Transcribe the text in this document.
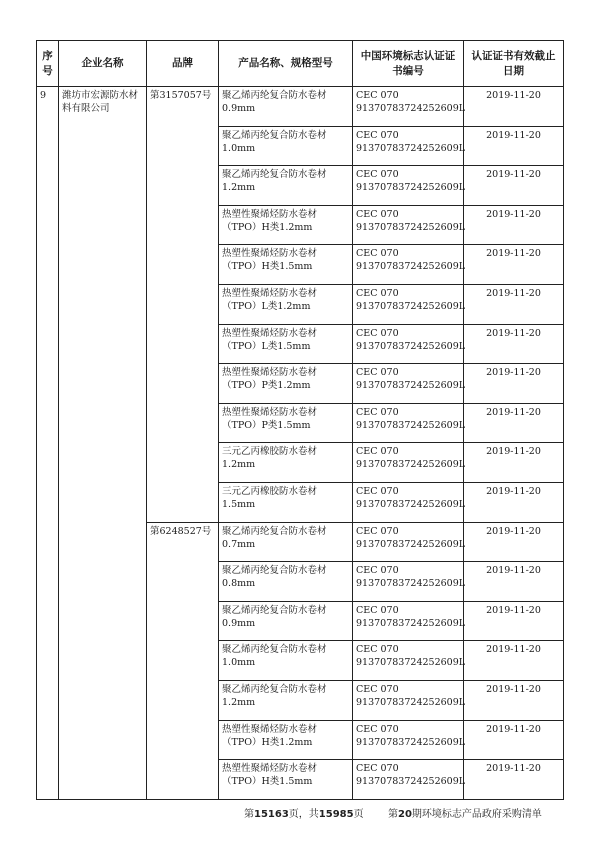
序号	企业名称	品牌	产品名称、规格型号	中国环境标志认证证书编号	认证证书有效截止日期
9	潍坊市宏源防水材料有限公司	第3157057号	聚乙烯丙纶复合防水卷材0.9mm	CEC 070 91370783724252609L	2019-11-20
			聚乙烯丙纶复合防水卷材1.0mm	CEC 070 91370783724252609L	2019-11-20
			聚乙烯丙纶复合防水卷材1.2mm	CEC 070 91370783724252609L	2019-11-20
			热塑性聚烯烃防水卷材（TPO）H类1.2mm	CEC 070 91370783724252609L	2019-11-20
			热塑性聚烯烃防水卷材（TPO）H类1.5mm	CEC 070 91370783724252609L	2019-11-20
			热塑性聚烯烃防水卷材（TPO）L类1.2mm	CEC 070 91370783724252609L	2019-11-20
			热塑性聚烯烃防水卷材（TPO）L类1.5mm	CEC 070 91370783724252609L	2019-11-20
			热塑性聚烯烃防水卷材（TPO）P类1.2mm	CEC 070 91370783724252609L	2019-11-20
			热塑性聚烯烃防水卷材（TPO）P类1.5mm	CEC 070 91370783724252609L	2019-11-20
			三元乙丙橡胶防水卷材1.2mm	CEC 070 91370783724252609L	2019-11-20
			三元乙丙橡胶防水卷材1.5mm	CEC 070 91370783724252609L	2019-11-20
		第6248527号	聚乙烯丙纶复合防水卷材0.7mm	CEC 070 91370783724252609L	2019-11-20
			聚乙烯丙纶复合防水卷材0.8mm	CEC 070 91370783724252609L	2019-11-20
			聚乙烯丙纶复合防水卷材0.9mm	CEC 070 91370783724252609L	2019-11-20
			聚乙烯丙纶复合防水卷材1.0mm	CEC 070 91370783724252609L	2019-11-20
			聚乙烯丙纶复合防水卷材1.2mm	CEC 070 91370783724252609L	2019-11-20
			热塑性聚烯烃防水卷材（TPO）H类1.2mm	CEC 070 91370783724252609L	2019-11-20
			热塑性聚烯烃防水卷材（TPO）H类1.5mm	CEC 070 91370783724252609L	2019-11-20
第15163页，共15985页 第20期环境标志产品政府采购清单
